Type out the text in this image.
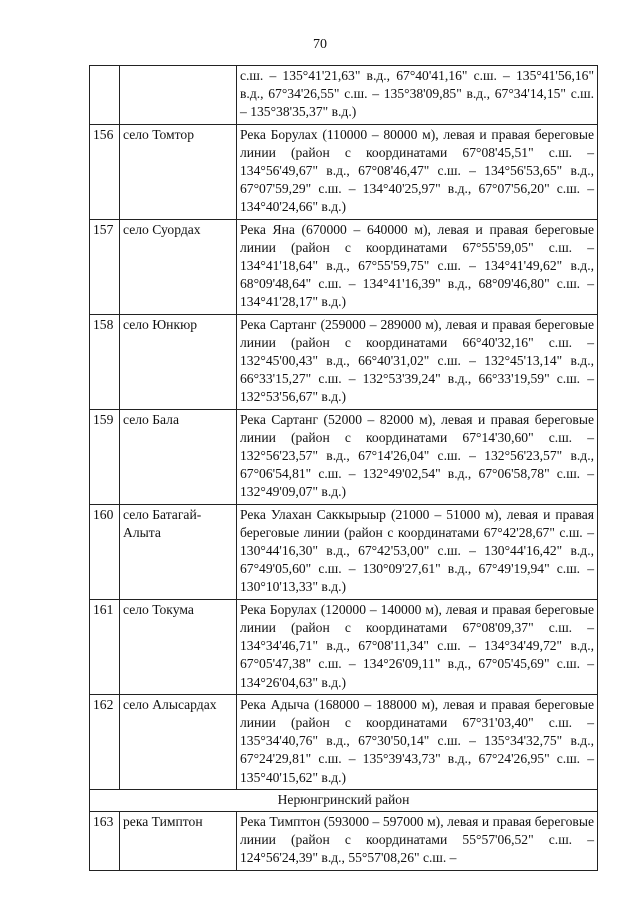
70
		с.ш. – 135°41'21,63" в.д., 67°40'41,16" с.ш. – 135°41'56,16" в.д., 67°34'26,55" с.ш. – 135°38'09,85" в.д., 67°34'14,15" с.ш. – 135°38'35,37" в.д.)
156	село Томтор	Река Борулах (110000 – 80000 м), левая и правая береговые линии (район с координатами 67°08'45,51" с.ш. – 134°56'49,67" в.д., 67°08'46,47" с.ш. – 134°56'53,65" в.д., 67°07'59,29" с.ш. – 134°40'25,97" в.д., 67°07'56,20" с.ш. – 134°40'24,66" в.д.)
157	село Суордах	Река Яна (670000 – 640000 м), левая и правая береговые линии (район с координатами 67°55'59,05" с.ш. – 134°41'18,64" в.д., 67°55'59,75" с.ш. – 134°41'49,62" в.д., 68°09'48,64" с.ш. – 134°41'16,39" в.д., 68°09'46,80" с.ш. – 134°41'28,17" в.д.)
158	село Юнкюр	Река Сартанг (259000 – 289000 м), левая и правая береговые линии (район с координатами 66°40'32,16" с.ш. – 132°45'00,43" в.д., 66°40'31,02" с.ш. – 132°45'13,14" в.д., 66°33'15,27" с.ш. – 132°53'39,24" в.д., 66°33'19,59" с.ш. – 132°53'56,67" в.д.)
159	село Бала	Река Сартанг (52000 – 82000 м), левая и правая береговые линии (район с координатами 67°14'30,60" с.ш. – 132°56'23,57" в.д., 67°14'26,04" с.ш. – 132°56'23,57" в.д., 67°06'54,81" с.ш. – 132°49'02,54" в.д., 67°06'58,78" с.ш. – 132°49'09,07" в.д.)
160	село Батагай-Алыта	Река Улахан Саккырыыр (21000 – 51000 м), левая и правая береговые линии (район с координатами 67°42'28,67" с.ш. – 130°44'16,30" в.д., 67°42'53,00" с.ш. – 130°44'16,42" в.д., 67°49'05,60" с.ш. – 130°09'27,61" в.д., 67°49'19,94" с.ш. – 130°10'13,33" в.д.)
161	село Токума	Река Борулах (120000 – 140000 м), левая и правая береговые линии (район с координатами 67°08'09,37" с.ш. – 134°34'46,71" в.д., 67°08'11,34" с.ш. – 134°34'49,72" в.д., 67°05'47,38" с.ш. – 134°26'09,11" в.д., 67°05'45,69" с.ш. – 134°26'04,63" в.д.)
162	село Алысардах	Река Адыча (168000 – 188000 м), левая и правая береговые линии (район с координатами 67°31'03,40" с.ш. – 135°34'40,76" в.д., 67°30'50,14" с.ш. – 135°34'32,75" в.д., 67°24'29,81" с.ш. – 135°39'43,73" в.д., 67°24'26,95" с.ш. – 135°40'15,62" в.д.)
Нерюнгринский район		
163	река Тимптон	Река Тимптон (593000 – 597000 м), левая и правая береговые линии (район с координатами 55°57'06,52" с.ш. – 124°56'24,39" в.д., 55°57'08,26" с.ш. –
